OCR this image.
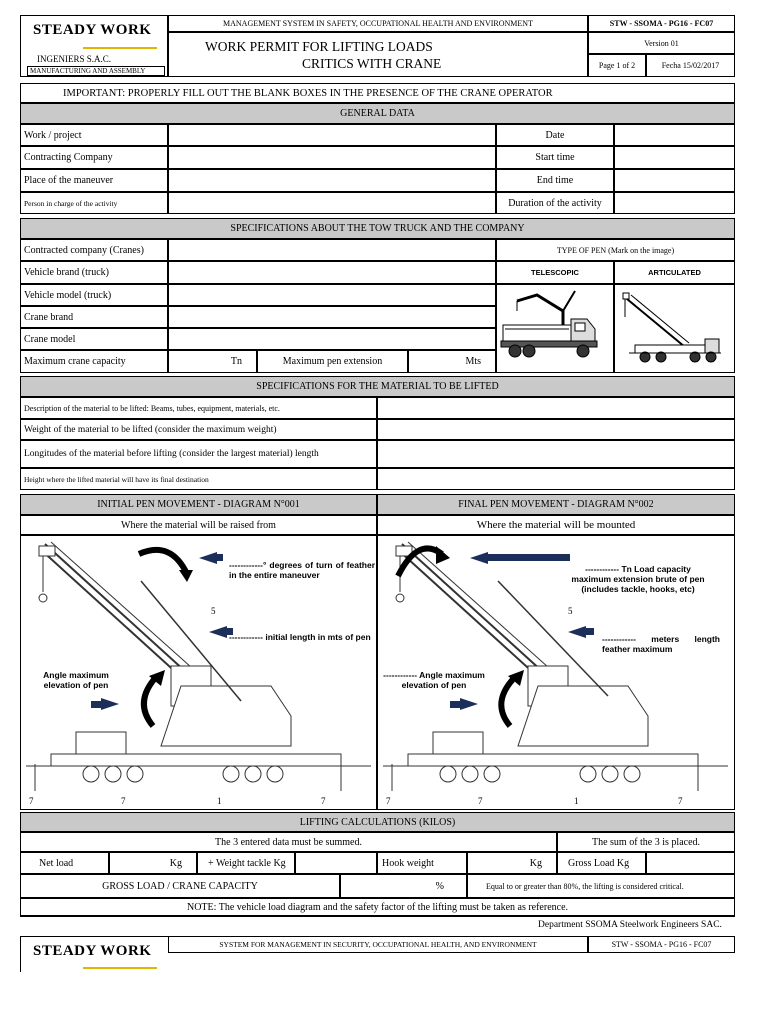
STEADY WORK
INGENIERS S.A.C.
MANUFACTURING AND ASSEMBLY
MANAGEMENT SYSTEM IN SAFETY, OCCUPATIONAL HEALTH AND ENVIRONMENT
WORK PERMIT FOR LIFTING LOADS
CRITICS WITH CRANE
STW - SSOMA - PG16 - FC07
Version 01
Page 1 of 2	Fecha 15/02/2017
IMPORTANT: PROPERLY FILL OUT THE BLANK BOXES IN THE PRESENCE OF THE CRANE OPERATOR
GENERAL DATA
Work / project	Date
Contracting Company	Start time
Place of the maneuver	End time
Person in charge of the activity	Duration of the activity
SPECIFICATIONS ABOUT THE TOW TRUCK AND THE COMPANY
Contracted company (Cranes)	TYPE OF PEN
(Mark on the image)
Vehicle brand (truck)	TELESCOPIC	ARTICULATED
Vehicle model (truck)
Crane brand
Crane model
Maximum crane capacity	Tn	Maximum pen extension	Mts
SPECIFICATIONS FOR THE MATERIAL TO BE LIFTED
Description of the material to be lifted: Beams, tubes, equipment, materials, etc.
Weight of the material to be lifted (consider the maximum weight)
Longitudes of the material before lifting (consider the largest material) length
Height where the lifted material will have its final destination
INITIAL PEN MOVEMENT - DIAGRAM N°001	FINAL PEN MOVEMENT - DIAGRAM N°002
Where the material will be raised from	Where the material will be mounted
5
7	7	1	7
------------° degrees of turn of feather in the entire maneuver
------------ initial length in mts of pen
Angle maximum elevation of pen
5
7	7	1	7
------------ Tn Load capacity maximum extension brute of pen (includes tackle, hooks, etc)
------------ meters length feather maximum
------------ Angle maximum elevation of pen
LIFTING CALCULATIONS (KILOS)
The 3 entered data must be summed.	The sum of the 3 is placed.
Net load	Kg	+ Weight tackle Kg	Hook weight	Kg	Gross Load Kg
GROSS LOAD / CRANE CAPACITY	%	Equal to or greater than 80%, the lifting is considered critical.
NOTE: The vehicle load diagram and the safety factor of the lifting must be taken as reference.
Department SSOMA Steelwork Engineers SAC.
STEADY WORK	SYSTEM FOR MANAGEMENT IN SECURITY, OCCUPATIONAL HEALTH, AND ENVIRONMENT	STW - SSOMA - PG16 - FC07
